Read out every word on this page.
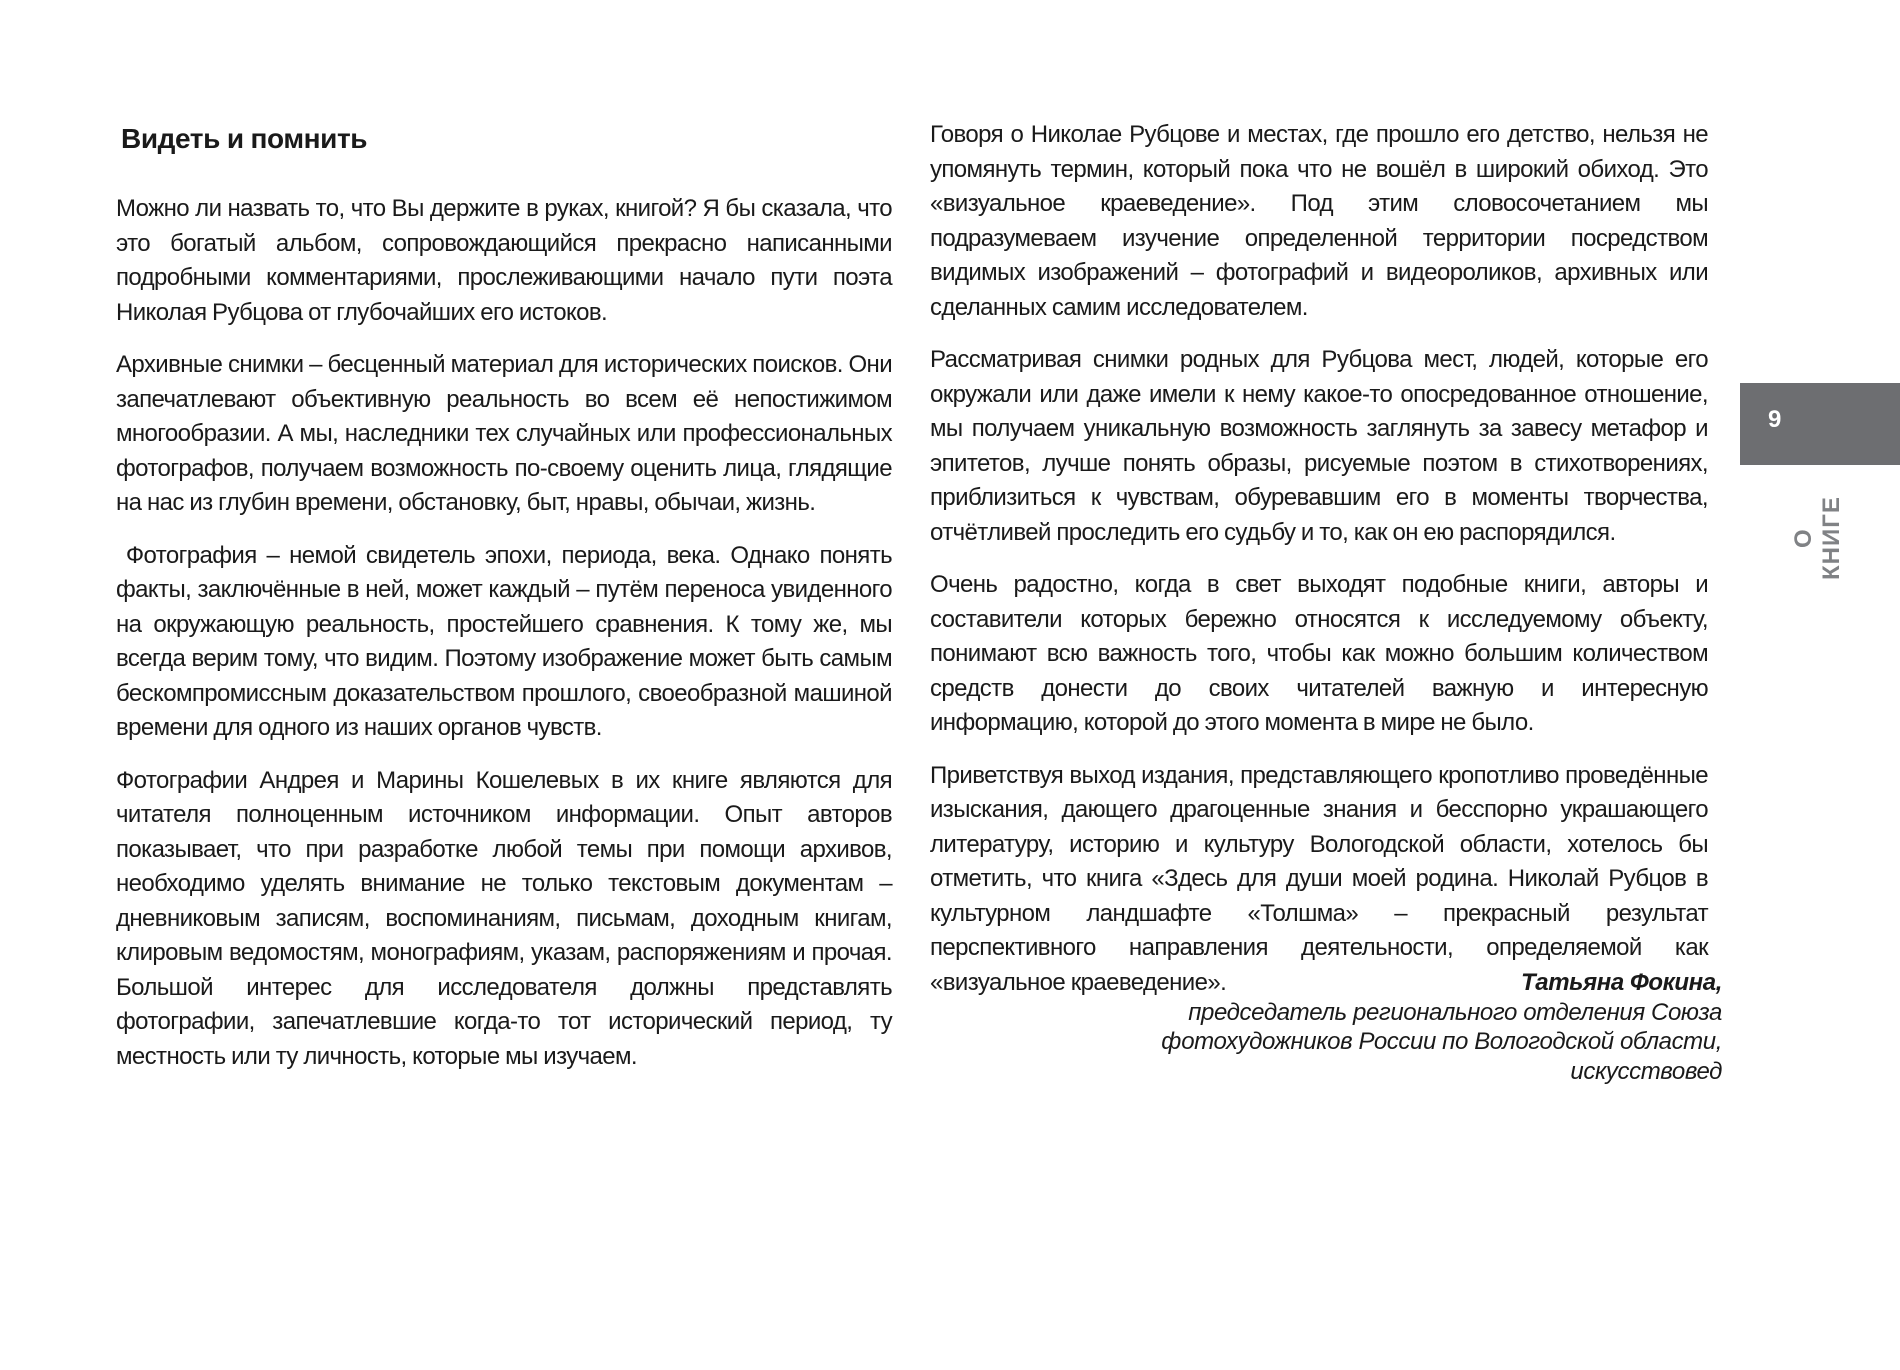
Видеть и помнить

Можно ли назвать то, что Вы держите в руках, книгой? Я бы сказала, что это богатый альбом, сопровождающийся прекрасно написанными подробными комментариями, прослеживающими начало пути поэта Николая Рубцова от глубочайших его истоков.

Архивные снимки – бесценный материал для исторических поисков. Они запечатлевают объективную реальность во всем её непостижимом многообразии. А мы, наследники тех случайных или профессиональных фотографов, получаем возможность по-своему оценить лица, глядящие на нас из глубин времени, обстановку, быт, нравы, обычаи, жизнь.

Фотография – немой свидетель эпохи, периода, века. Однако понять факты, заключённые в ней, может каждый – путём переноса увиденного на окружающую реальность, простейшего сравнения. К тому же, мы всегда верим тому, что видим. Поэтому изображение может быть самым бескомпромиссным доказательством прошлого, своеобразной машиной времени для одного из наших органов чувств.

Фотографии Андрея и Марины Кошелевых в их книге являются для читателя полноценным источником информации. Опыт авторов показывает, что при разработке любой темы при помощи архивов, необходимо уделять внимание не только текстовым документам – дневниковым записям, воспоминаниям, письмам, доходным книгам, клировым ведомостям, монографиям, указам, распоряжениям и прочая. Большой интерес для исследователя должны представлять фотографии, запечатлевшие когда-то тот исторический период, ту местность или ту личность, которые мы изучаем.

Говоря о Николае Рубцове и местах, где прошло его детство, нельзя не упомянуть термин, который пока что не вошёл в широкий обиход. Это «визуальное краеведение». Под этим словосочетанием мы подразумеваем изучение определенной территории посредством видимых изображений – фотографий и видеороликов, архивных или сделанных самим исследователем.

Рассматривая снимки родных для Рубцова мест, людей, которые его окружали или даже имели к нему какое-то опосредованное отношение, мы получаем уникальную возможность заглянуть за завесу метафор и эпитетов, лучше понять образы, рисуемые поэтом в стихотворениях, приблизиться к чувствам, обуревавшим его в моменты творчества, отчётливей проследить его судьбу и то, как он ею распорядился.

Очень радостно, когда в свет выходят подобные книги, авторы и составители которых бережно относятся к исследуемому объекту, понимают всю важность того, чтобы как можно большим количеством средств донести до своих читателей важную и интересную информацию, которой до этого момента в мире не было.

Приветствуя выход издания, представляющего кропотливо проведённые изыскания, дающего драгоценные знания и бесспорно украшающего литературу, историю и культуру Вологодской области, хотелось бы отметить, что книга «Здесь для души моей родина. Николай Рубцов в культурном ландшафте «Толшма» – прекрасный результат перспективного направления деятельности, определяемой как «визуальное краеведение».	Татьяна Фокина,
председатель регионального отделения Союза
фотохудожников России по Вологодской области,
искусствовед
9
О КНИГЕ
